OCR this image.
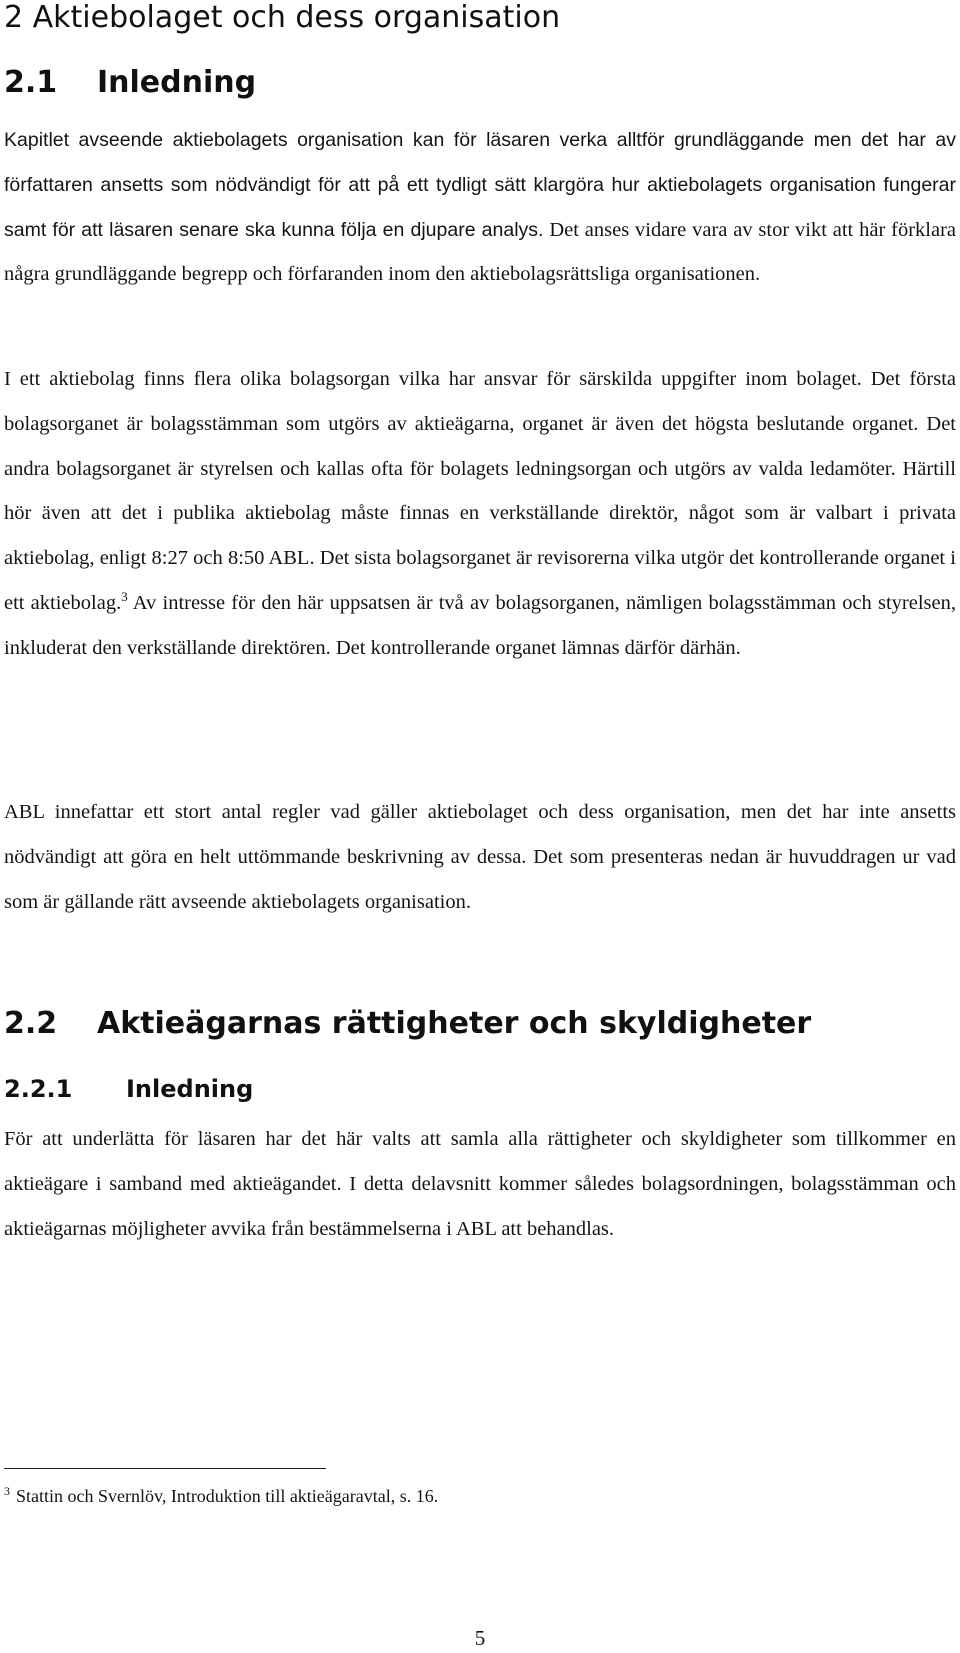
2 Aktiebolaget och dess organisation
2.1 Inledning

Kapitlet avseende aktiebolagets organisation kan för läsaren verka alltför grundläggande men det har av författaren ansetts som nödvändigt för att på ett tydligt sätt klargöra hur aktiebolagets organisation fungerar samt för att läsaren senare ska kunna följa en djupare analys. Det anses vidare vara av stor vikt att här förklara några grundläggande begrepp och förfaranden inom den aktiebolagsrättsliga organisationen.

I ett aktiebolag finns flera olika bolagsorgan vilka har ansvar för särskilda uppgifter inom bolaget. Det första bolagsorganet är bolagsstämman som utgörs av aktieägarna, organet är även det högsta beslutande organet. Det andra bolagsorganet är styrelsen och kallas ofta för bolagets ledningsorgan och utgörs av valda ledamöter. Härtill hör även att det i publika aktiebolag måste finnas en verkställande direktör, något som är valbart i privata aktiebolag, enligt 8:27 och 8:50 ABL. Det sista bolagsorganet är revisorerna vilka utgör det kontrollerande organet i ett aktiebolag.$^3$ Av intresse för den här uppsatsen är två av bolagsorganen, nämligen bolagsstämman och styrelsen, inkluderat den verkställande direktören. Det kontrollerande organet lämnas därför därhän.

ABL innefattar ett stort antal regler vad gäller aktiebolaget och dess organisation, men det har inte ansetts nödvändigt att göra en helt uttömmande beskrivning av dessa. Det som presenteras nedan är huvuddragen ur vad som är gällande rätt avseende aktiebolagets organisation.

2.2 Aktieägarnas rättigheter och skyldigheter
2.2.1 Inledning

För att underlätta för läsaren har det här valts att samla alla rättigheter och skyldigheter som tillkommer en aktieägare i samband med aktieägandet. I detta delavsnitt kommer således bolagsordningen, bolagsstämman och aktieägarnas möjligheter avvika från bestämmelserna i ABL att behandlas.

$^3$ Stattin och Svernlöv, Introduktion till aktieägaravtal, s. 16.

5
